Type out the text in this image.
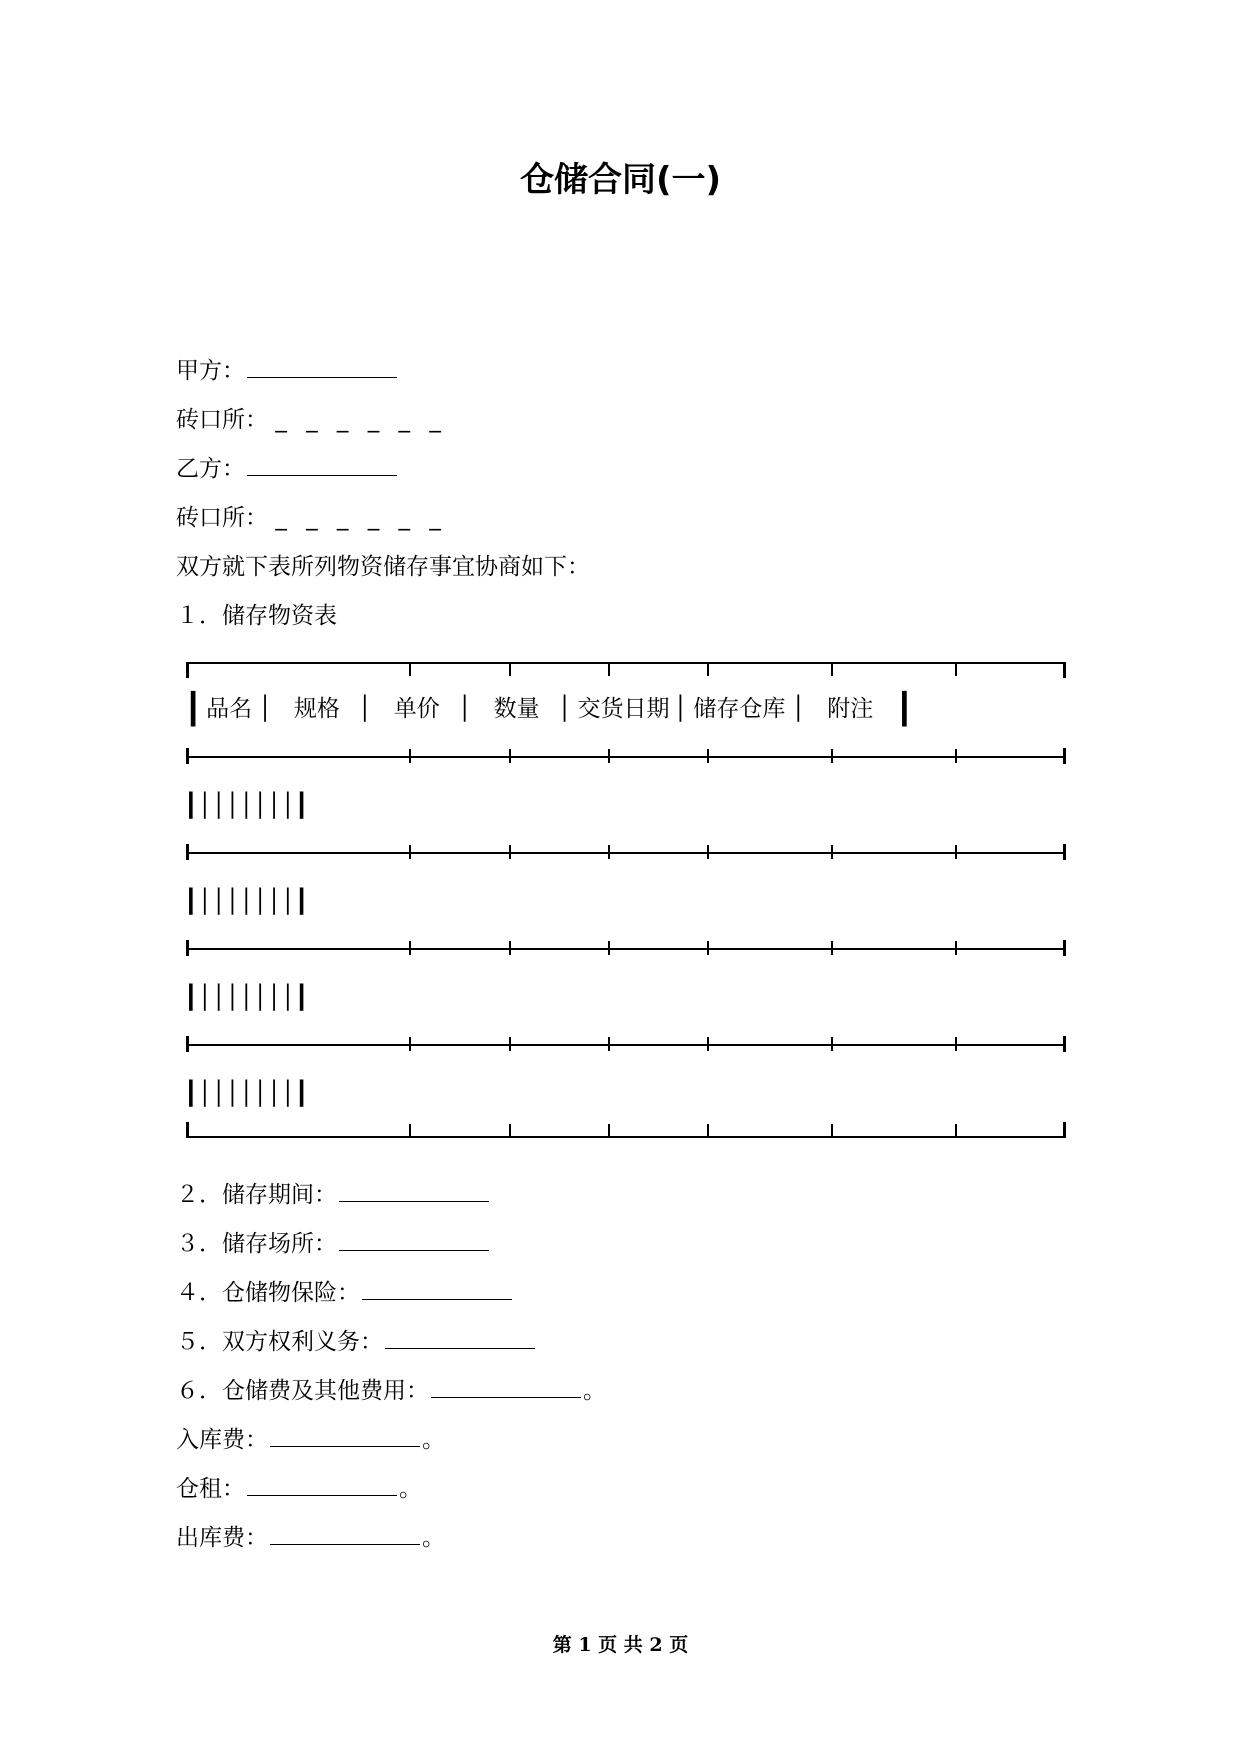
仓储合同(一)
甲方：
砖口所： _ _ _ _ _ _
乙方：
砖口所： _ _ _ _ _ _
双方就下表所列物资储存事宜协商如下：
１．储存物资表
┃ 品名 │ 规格 │ 单价 │ 数量 │ 交货日期 │ 储存仓库 │ 附注 ┃
┃│││││││┃
┃│││││││┃
┃│││││││┃
┃│││││││┃
２．储存期间：
３．储存场所：
４．仓储物保险：
５．双方权利义务：
６．仓储费及其他费用：	。
入库费：	。
仓租：	。
出库费：	。
第 1 页 共 2 页
